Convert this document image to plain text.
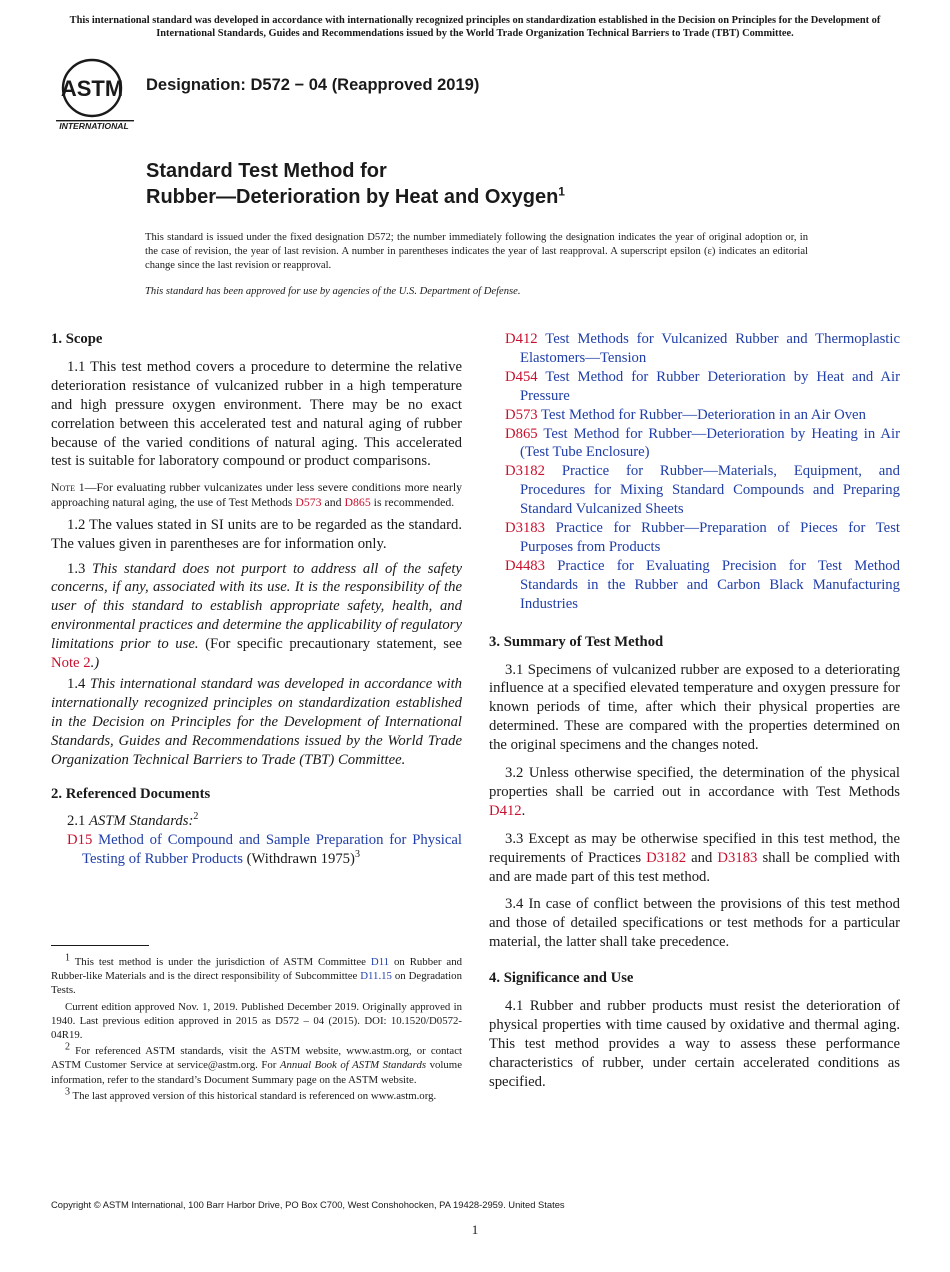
This international standard was developed in accordance with internationally recognized principles on standardization established in the Decision on Principles for the Development of International Standards, Guides and Recommendations issued by the World Trade Organization Technical Barriers to Trade (TBT) Committee.
ASTM
INTERNATIONAL
Designation: D572 − 04 (Reapproved 2019)
Standard Test Method for
Rubber—Deterioration by Heat and Oxygen$^1$
This standard is issued under the fixed designation D572; the number immediately following the designation indicates the year of original adoption or, in the case of revision, the year of last revision. A number in parentheses indicates the year of last reapproval. A superscript epsilon (ε) indicates an editorial change since the last revision or reapproval.
This standard has been approved for use by agencies of the U.S. Department of Defense.
1. Scope

1.1 This test method covers a procedure to determine the relative deterioration resistance of vulcanized rubber in a high temperature and high pressure oxygen environment. There may be no exact correlation between this accelerated test and natural aging of rubber because of the varied conditions of natural aging. This accelerated test is suitable for laboratory compound or product comparisons.

Note 1—For evaluating rubber vulcanizates under less severe conditions more nearly approaching natural aging, the use of Test Methods D573 and D865 is recommended.

1.2 The values stated in SI units are to be regarded as the standard. The values given in parentheses are for information only.

1.3 This standard does not purport to address all of the safety concerns, if any, associated with its use. It is the responsibility of the user of this standard to establish appropriate safety, health, and environmental practices and determine the applicability of regulatory limitations prior to use. (For specific precautionary statement, see Note 2.)

1.4 This international standard was developed in accordance with internationally recognized principles on standardization established in the Decision on Principles for the Development of International Standards, Guides and Recommendations issued by the World Trade Organization Technical Barriers to Trade (TBT) Committee.

2. Referenced Documents

2.1 ASTM Standards:$^2$

D15 Method of Compound and Sample Preparation for Physical Testing of Rubber Products (Withdrawn 1975)$^3$

$^1$ This test method is under the jurisdiction of ASTM Committee D11 on Rubber and Rubber-like Materials and is the direct responsibility of Subcommittee D11.15 on Degradation Tests.

Current edition approved Nov. 1, 2019. Published December 2019. Originally approved in 1940. Last previous edition approved in 2015 as D572 – 04 (2015). DOI: 10.1520/D0572-04R19.

$^2$ For referenced ASTM standards, visit the ASTM website, www.astm.org, or contact ASTM Customer Service at service@astm.org. For Annual Book of ASTM Standards volume information, refer to the standard’s Document Summary page on the ASTM website.

$^3$ The last approved version of this historical standard is referenced on www.astm.org.

D412 Test Methods for Vulcanized Rubber and Thermoplastic Elastomers—Tension

D454 Test Method for Rubber Deterioration by Heat and Air Pressure

D573 Test Method for Rubber—Deterioration in an Air Oven

D865 Test Method for Rubber—Deterioration by Heating in Air (Test Tube Enclosure)

D3182 Practice for Rubber—Materials, Equipment, and Procedures for Mixing Standard Compounds and Preparing Standard Vulcanized Sheets

D3183 Practice for Rubber—Preparation of Pieces for Test Purposes from Products

D4483 Practice for Evaluating Precision for Test Method Standards in the Rubber and Carbon Black Manufacturing Industries

3. Summary of Test Method

3.1 Specimens of vulcanized rubber are exposed to a deteriorating influence at a specified elevated temperature and oxygen pressure for known periods of time, after which their physical properties are determined. These are compared with the properties determined on the original specimens and the changes noted.

3.2 Unless otherwise specified, the determination of the physical properties shall be carried out in accordance with Test Methods D412.

3.3 Except as may be otherwise specified in this test method, the requirements of Practices D3182 and D3183 shall be complied with and are made part of this test method.

3.4 In case of conflict between the provisions of this test method and those of detailed specifications or test methods for a particular material, the latter shall take precedence.

4. Significance and Use

4.1 Rubber and rubber products must resist the deterioration of physical properties with time caused by oxidative and thermal aging. This test method provides a way to assess these performance characteristics of rubber, under certain accelerated conditions as specified.

Copyright © ASTM International, 100 Barr Harbor Drive, PO Box C700, West Conshohocken, PA 19428-2959. United States
1
